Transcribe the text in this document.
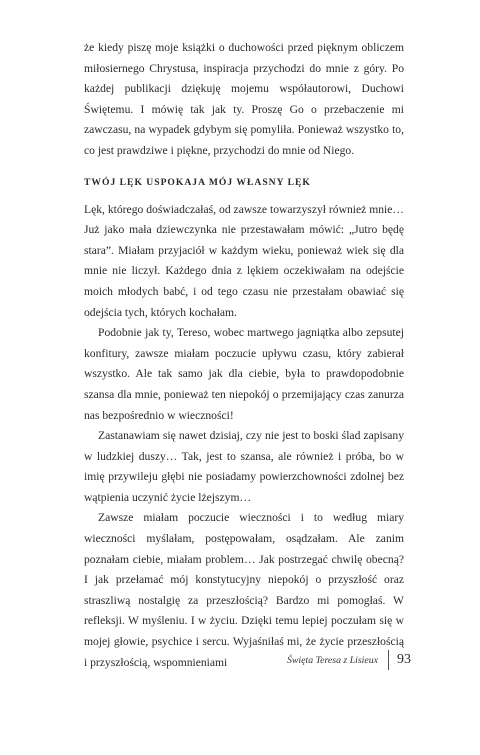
że kiedy piszę moje książki o duchowości przed pięknym obliczem miłosiernego Chrystusa, inspiracja przychodzi do mnie z góry. Po każdej publikacji dziękuję mojemu współautorowi, Duchowi Świętemu. I mówię tak jak ty. Proszę Go o przebaczenie mi zawczasu, na wypadek gdybym się pomyliła. Ponieważ wszystko to, co jest prawdziwe i piękne, przychodzi do mnie od Niego.

TWÓJ LĘK USPOKAJA MÓJ WŁASNY LĘK

Lęk, którego doświadczałaś, od zawsze towarzyszył również mnie… Już jako mała dziewczynka nie przestawałam mówić: „Jutro będę stara”. Miałam przyjaciół w każdym wieku, ponieważ wiek się dla mnie nie liczył. Każdego dnia z lękiem oczekiwałam na odejście moich młodych babć, i od tego czasu nie przestałam obawiać się odejścia tych, których kochałam.

Podobnie jak ty, Tereso, wobec martwego jagniątka albo zepsutej konfitury, zawsze miałam poczucie upływu czasu, który zabierał wszystko. Ale tak samo jak dla ciebie, była to prawdopodobnie szansa dla mnie, ponieważ ten niepokój o przemijający czas zanurza nas bezpośrednio w wieczności!

Zastanawiam się nawet dzisiaj, czy nie jest to boski ślad zapisany w ludzkiej duszy… Tak, jest to szansa, ale również i próba, bo w imię przywileju głębi nie posiadamy powierzchowności zdolnej bez wątpienia uczynić życie lżejszym…

Zawsze miałam poczucie wieczności i to według miary wieczności myślałam, postępowałam, osądzałam. Ale zanim poznałam ciebie, miałam problem… Jak postrzegać chwilę obecną? I jak przełamać mój konstytucyjny niepokój o przyszłość oraz straszliwą nostalgię za przeszłością? Bardzo mi pomogłaś. W refleksji. W myśleniu. I w życiu. Dzięki temu lepiej poczułam się w mojej głowie, psychice i sercu. Wyjaśniłaś mi, że życie przeszłością i przyszłością, wspomnieniami	Święta Teresa z Lisieux 93
